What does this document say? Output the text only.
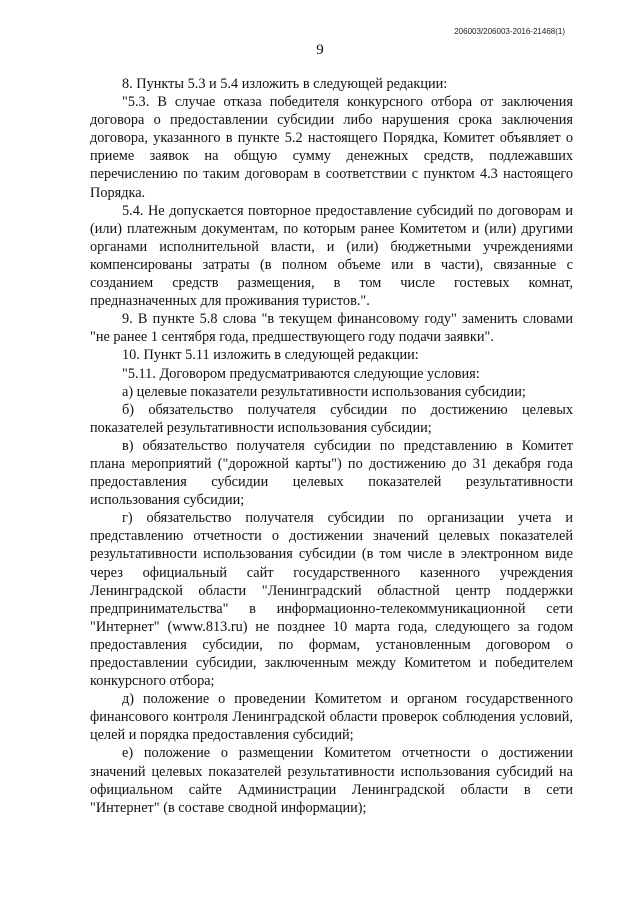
206003/206003-2016-21468(1)
9

8. Пункты 5.3 и 5.4 изложить в следующей редакции:

"5.3. В случае отказа победителя конкурсного отбора от заключения договора о предоставлении субсидии либо нарушения срока заключения договора, указанного в пункте 5.2 настоящего Порядка, Комитет объявляет о приеме заявок на общую сумму денежных средств, подлежавших перечислению по таким договорам в соответствии с пунктом 4.3 настоящего Порядка.

5.4. Не допускается повторное предоставление субсидий по договорам и (или) платежным документам, по которым ранее Комитетом и (или) другими органами исполнительной власти, и (или) бюджетными учреждениями компенсированы затраты (в полном объеме или в части), связанные с созданием средств размещения, в том числе гостевых комнат, предназначенных для проживания туристов.".

9. В пункте 5.8 слова "в текущем финансовому году" заменить словами "не ранее 1 сентября года, предшествующего году подачи заявки".

10. Пункт 5.11 изложить в следующей редакции:

"5.11. Договором предусматриваются следующие условия:

а) целевые показатели результативности использования субсидии;

б) обязательство получателя субсидии по достижению целевых показателей результативности использования субсидии;

в) обязательство получателя субсидии по представлению в Комитет плана мероприятий ("дорожной карты") по достижению до 31 декабря года предоставления субсидии целевых показателей результативности использования субсидии;

г) обязательство получателя субсидии по организации учета и представлению отчетности о достижении значений целевых показателей результативности использования субсидии (в том числе в электронном виде через официальный сайт государственного казенного учреждения Ленинградской области "Ленинградский областной центр поддержки предпринимательства" в информационно-телекоммуникационной сети "Интернет" (www.813.ru) не позднее 10 марта года, следующего за годом предоставления субсидии, по формам, установленным договором о предоставлении субсидии, заключенным между Комитетом и победителем конкурсного отбора;

д) положение о проведении Комитетом и органом государственного финансового контроля Ленинградской области проверок соблюдения условий, целей и порядка предоставления субсидий;

е) положение о размещении Комитетом отчетности о достижении значений целевых показателей результативности использования субсидий на официальном сайте Администрации Ленинградской области в сети "Интернет" (в составе сводной информации);
